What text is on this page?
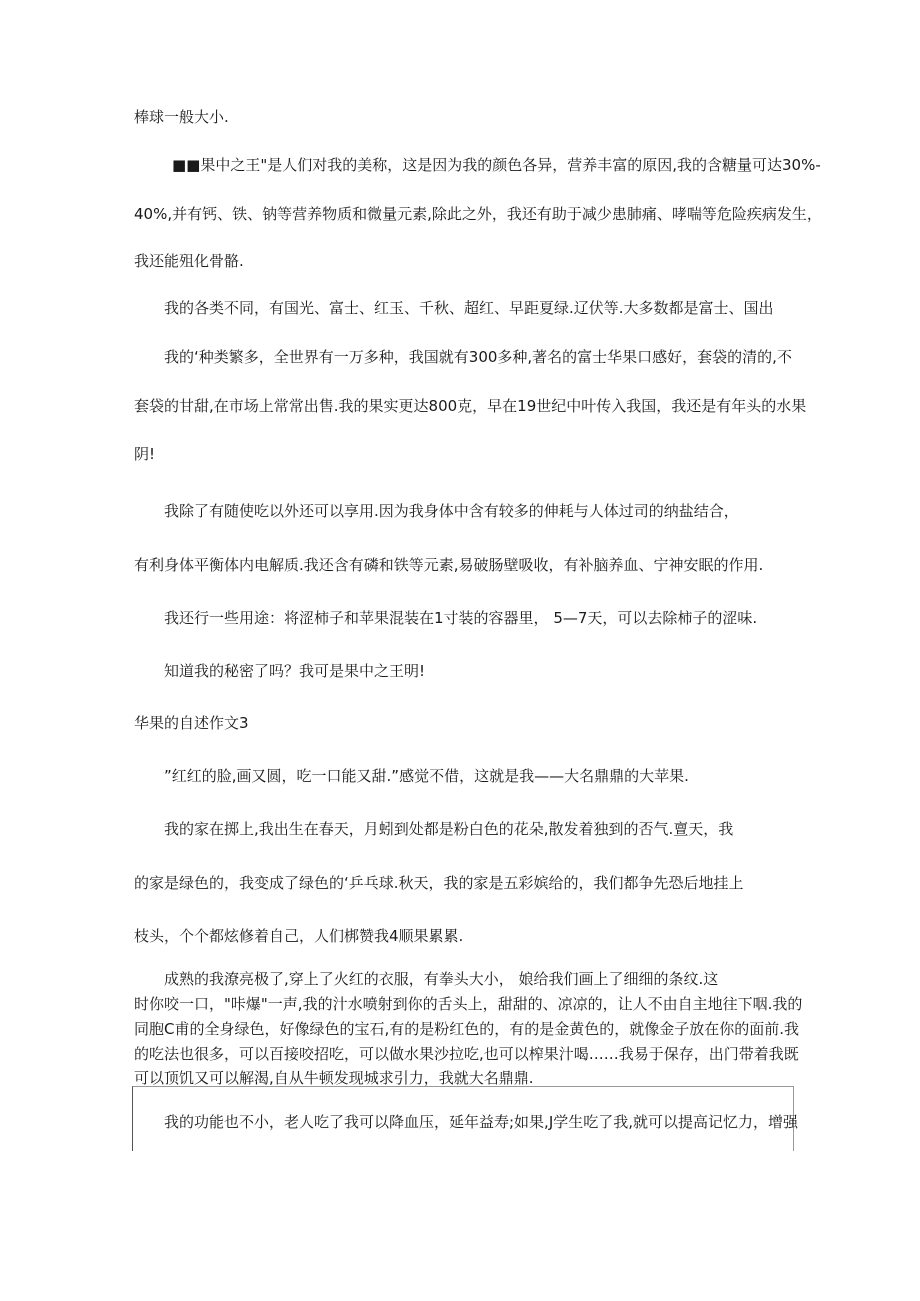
棒球一般大小.

■■果中之王"是人们对我的美称，这是因为我的颜色各异，营养丰富的原因,我的含糖量可达30%-

40%,并有钙、铁、钠等营养物质和微量元素,除此之外，我还有助于减少患肺痛、哮喘等危险疾病发生，

我还能殂化骨骼.

我的各类不同，有国光、富士、红玉、千秋、超红、早距夏绿.辽伏等.大多数都是富士、国出

我的‘种类繁多，全世界有一万多种，我国就有300多种,著名的富士华果口感好，套袋的清的,不

套袋的甘甜,在市场上常常出售.我的果实更达800克，早在19世纪中叶传入我国，我还是有年头的水果

阴!

我除了有随使吃以外还可以享用.因为我身体中含有较多的伸耗与人体过司的纳盐结合，

有利身体平衡体内电解质.我还含有磷和铁等元素,易破肠壁吸收，有补脑养血、宁神安眠的作用.

我还行一些用途：将涩柿子和苹果混装在1寸装的容器里， 5—7天，可以去除柿子的涩味.

知道我的秘密了吗？我可是果中之王明!

华果的自述作文3

”红红的脸,画又圆，吃一口能又甜.”感觉不借，这就是我——大名鼎鼎的大苹果.

我的家在掷上,我出生在春天，月蚓到处都是粉白色的花朵,散发着独到的否气.亶天，我

的家是绿色的，我变成了绿色的‘乒乓球.秋天，我的家是五彩嫔给的，我们都争先恐后地挂上

枝头，个个都炫修着自己，人们梆赞我4顺果累累.

成熟的我潦亮极了,穿上了火红的衣服，有拳头大小， 娘给我们画上了细细的条纹.这

时你咬一口，"咔爆"一声,我的汁水喷射到你的舌头上，甜甜的、凉凉的，让人不由自主地往下咽.我的

同胞C甫的全身绿色，好像绿色的宝石,有的是粉红色的，有的是金黄色的，就像金子放在你的面前.我

的吃法也很多，可以百接咬招吃，可以做水果沙拉吃,也可以榨果汁喝……我易于保存，出门带着我既

可以顶饥又可以解渴,自从牛顿发现城求引力，我就大名鼎鼎.

我的功能也不小，老人吃了我可以降血压，延年益寿;如果,J学生吃了我,就可以提高记忆力，增强
